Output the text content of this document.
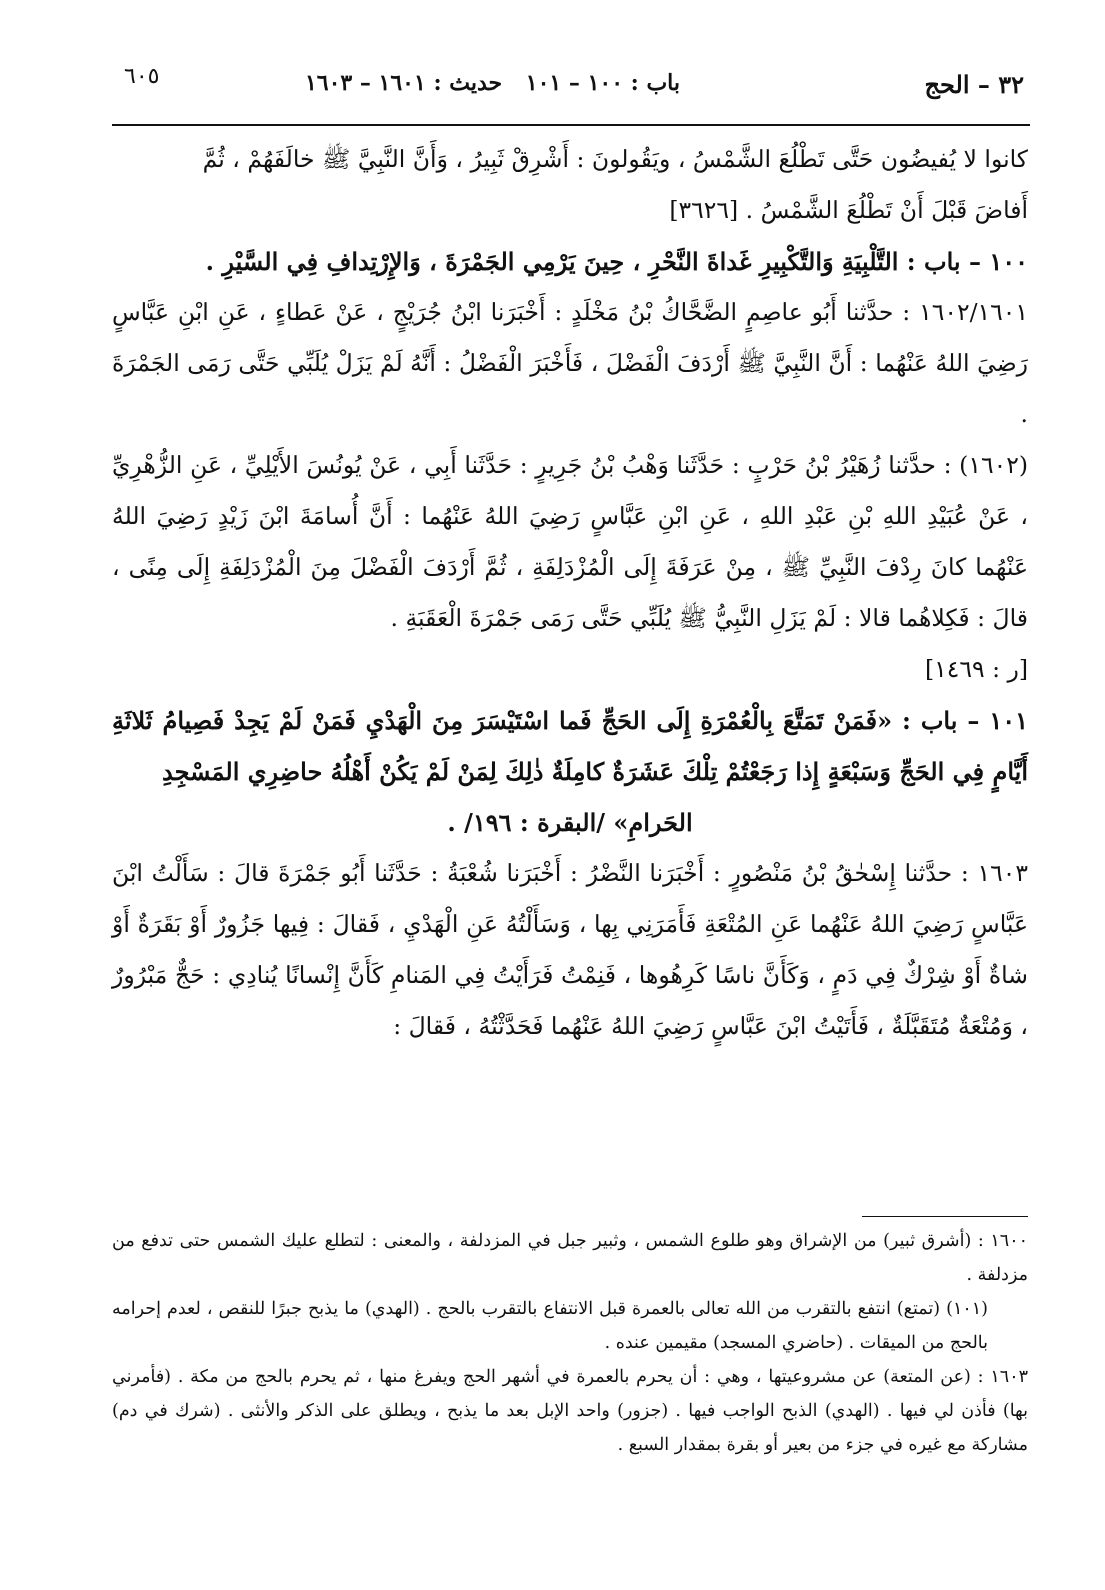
٣٢ – الحج
باب : ١٠٠ – ١٠١ حديث : ١٦٠١ – ١٦٠٣
٦٠٥

كانوا لا يُفيضُون حَتَّى تَطْلُعَ الشَّمْسُ ، ويَقُولونَ : أَشْرِقْ ثَبِيرُ ، وَأَنَّ النَّبِيَّ ﷺ خالَفَهُمْ ، ثُمَّ

أَفاضَ قَبْلَ أَنْ تَطْلُعَ الشَّمْسُ . [٣٦٢٦]

١٠٠ – باب : التَّلْبِيَةِ وَالتَّكْبِيرِ غَداةَ النَّحْرِ ، حِينَ يَرْمِي الجَمْرَةَ ، وَالإِرْتِدافِ فِي السَّيْرِ .

١٦٠٢/١٦٠١ : حدَّثنا أَبُو عاصِمٍ الضَّحَّاكُ بْنُ مَخْلَدٍ : أَخْبَرَنا ابْنُ جُرَيْجٍ ، عَنْ عَطاءٍ ، عَنِ ابْنِ عَبَّاسٍ رَضِيَ اللهُ عَنْهُما : أَنَّ النَّبِيَّ ﷺ أَرْدَفَ الْفَضْلَ ، فَأَخْبَرَ الْفَضْلُ : أَنَّهُ لَمْ يَزَلْ يُلَبِّي حَتَّى رَمَى الجَمْرَةَ .

(١٦٠٢) : حدَّثنا زُهَيْرُ بْنُ حَرْبٍ : حَدَّثَنا وَهْبُ بْنُ جَرِيرٍ : حَدَّثَنا أَبِي ، عَنْ يُونُسَ الأَيْلِيِّ ، عَنِ الزُّهْرِيِّ ، عَنْ عُبَيْدِ اللهِ بْنِ عَبْدِ اللهِ ، عَنِ ابْنِ عَبَّاسٍ رَضِيَ اللهُ عَنْهُما : أَنَّ أُسامَةَ ابْنَ زَيْدٍ رَضِيَ اللهُ عَنْهُما كانَ رِدْفَ النَّبِيِّ ﷺ ، مِنْ عَرَفَةَ إِلَى الْمُزْدَلِفَةِ ، ثُمَّ أَرْدَفَ الْفَضْلَ مِنَ الْمُزْدَلِفَةِ إِلَى مِنًى ، قالَ : فَكِلاهُما قالا : لَمْ يَزَلِ النَّبِيُّ ﷺ يُلَبِّي حَتَّى رَمَى جَمْرَةَ الْعَقَبَةِ .

[ر : ١٤٦٩]

١٠١ – باب : «فَمَنْ تَمَتَّعَ بِالْعُمْرَةِ إِلَى الحَجِّ فَما اسْتَيْسَرَ مِنَ الْهَدْيِ فَمَنْ لَمْ يَجِدْ فَصِيامُ ثَلاثَةِ أَيَّامٍ فِي الحَجِّ وَسَبْعَةٍ إِذا رَجَعْتُمْ تِلْكَ عَشَرَةٌ كامِلَةٌ ذٰلِكَ لِمَنْ لَمْ يَكُنْ أَهْلُهُ حاضِرِي المَسْجِدِ

الحَرامِ» /البقرة : ١٩٦/ .

١٦٠٣ : حدَّثنا إِسْحٰقُ بْنُ مَنْصُورٍ : أَخْبَرَنا النَّضْرُ : أَخْبَرَنا شُعْبَةُ : حَدَّثَنا أَبُو جَمْرَةَ قالَ : سَأَلْتُ ابْنَ عَبَّاسٍ رَضِيَ اللهُ عَنْهُما عَنِ المُتْعَةِ فَأَمَرَنِي بِها ، وَسَأَلْتُهُ عَنِ الْهَدْيِ ، فَقالَ : فِيها جَزُورٌ أَوْ بَقَرَةٌ أَوْ شاةٌ أَوْ شِرْكٌ فِي دَمٍ ، وَكَأَنَّ ناسًا كَرِهُوها ، فَنِمْتُ فَرَأَيْتُ فِي المَنامِ كَأَنَّ إِنْسانًا يُنادِي : حَجٌّ مَبْرُورٌ ، وَمُتْعَةٌ مُتَقَبَّلَةٌ ، فَأَتَيْتُ ابْنَ عَبَّاسٍ رَضِيَ اللهُ عَنْهُما فَحَدَّثْتُهُ ، فَقالَ :

١٦٠٠ : (أشرق ثبير) من الإشراق وهو طلوع الشمس ، وثبير جبل في المزدلفة ، والمعنى : لتطلع عليك الشمس حتى تدفع من مزدلفة .

(١٠١) (تمتع) انتفع بالتقرب من الله تعالى بالعمرة قبل الانتفاع بالتقرب بالحج . (الهدي) ما يذبح جبرًا للنقص ، لعدم إحرامه بالحج من الميقات . (حاضري المسجد) مقيمين عنده .

١٦٠٣ : (عن المتعة) عن مشروعيتها ، وهي : أن يحرم بالعمرة في أشهر الحج ويفرغ منها ، ثم يحرم بالحج من مكة . (فأمرني بها) فأذن لي فيها . (الهدي) الذبح الواجب فيها . (جزور) واحد الإبل بعد ما يذبح ، ويطلق على الذكر والأنثى . (شرك في دم) مشاركة مع غيره في جزء من بعير أو بقرة بمقدار السبع .
